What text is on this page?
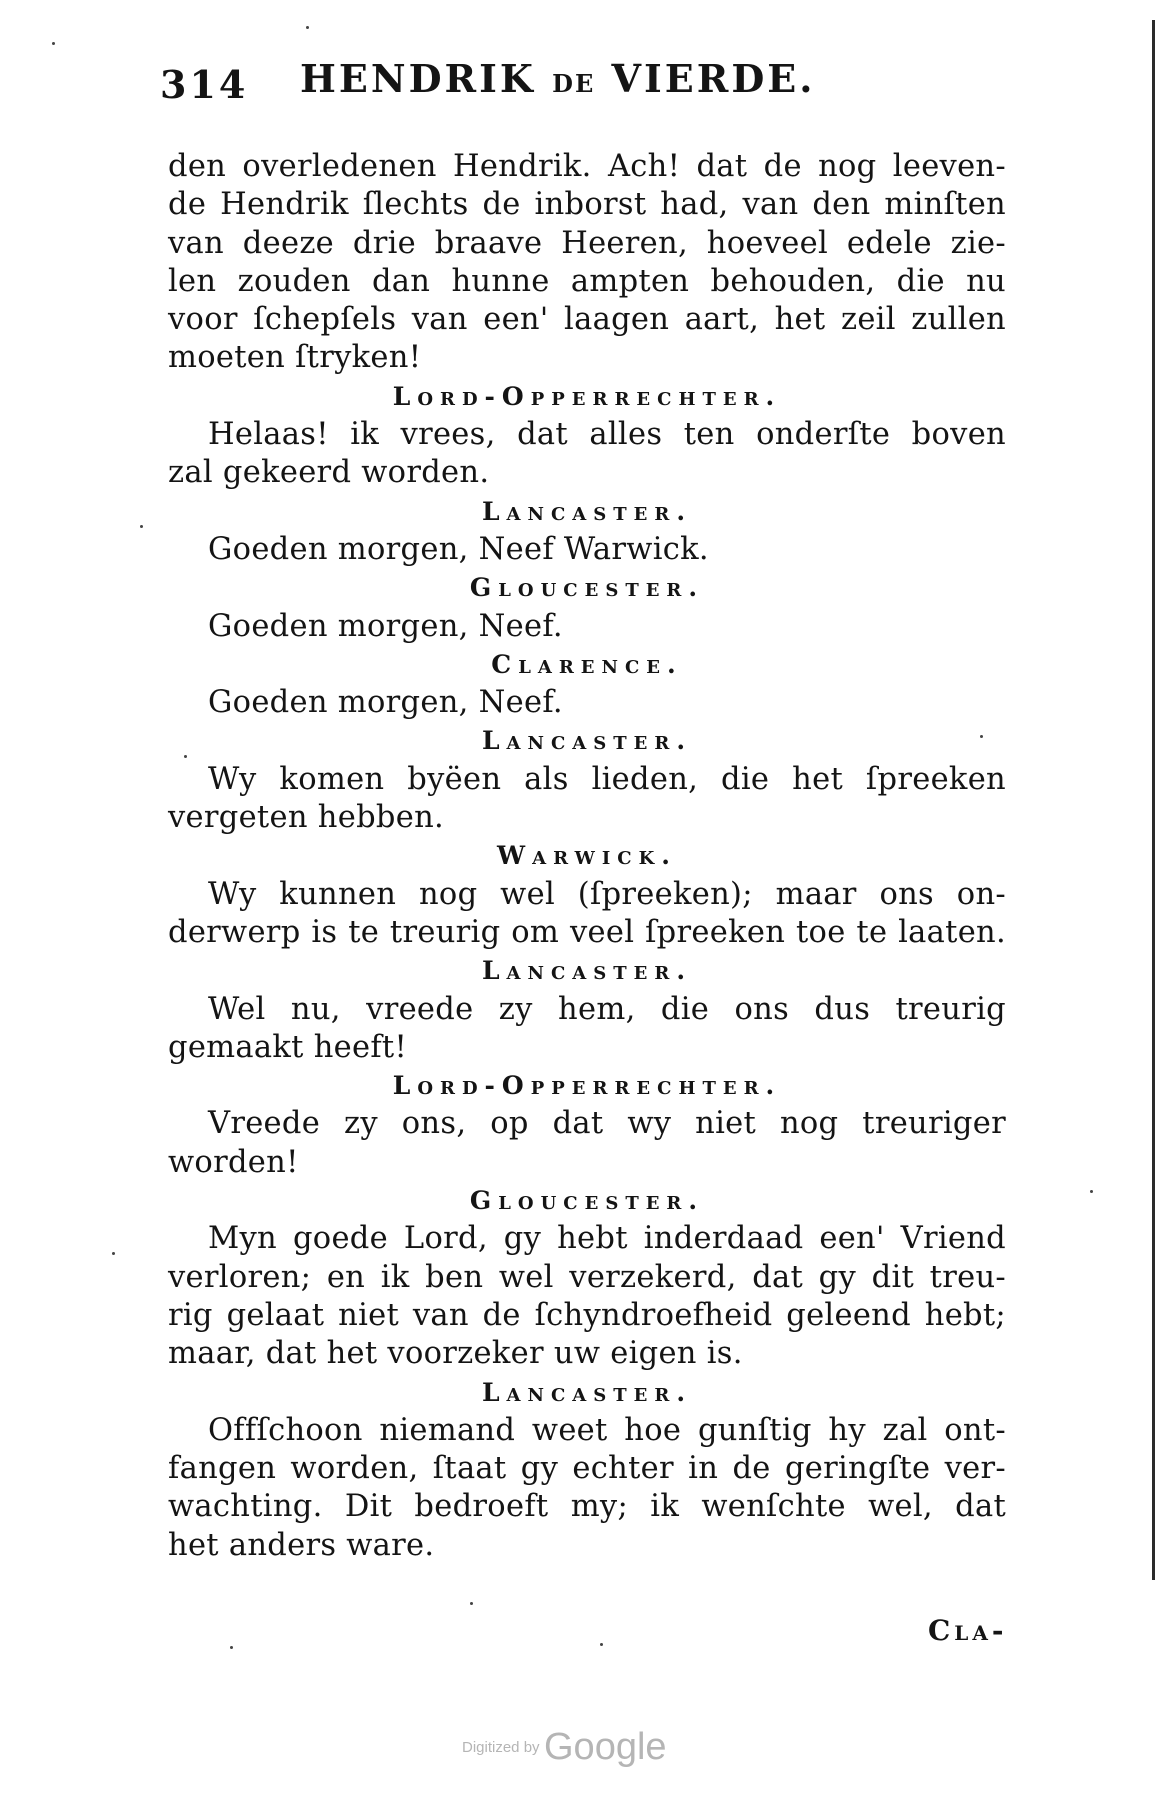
314 HENDRIK DE VIERDE.

den overledenen Hendrik. Ach! dat de nog leeven-

de Hendrik ſlechts de inborst had, van den minſten

van deeze drie braave Heeren, hoeveel edele zie-

len zouden dan hunne ampten behouden, die nu

voor ſchepſels van een' laagen aart, het zeil zullen

moeten ſtryken!

Lord-Opperrechter.

Helaas! ik vrees, dat alles ten onderſte boven

zal gekeerd worden.

Lancaster.

Goeden morgen, Neef Warwick.

Gloucester.

Goeden morgen, Neef.

Clarence.

Goeden morgen, Neef.

Lancaster.

Wy komen byëen als lieden, die het ſpreeken

vergeten hebben.

Warwick.

Wy kunnen nog wel (ſpreeken); maar ons on-

derwerp is te treurig om veel ſpreeken toe te laaten.

Lancaster.

Wel nu, vreede zy hem, die ons dus treurig

gemaakt heeft!

Lord-Opperrechter.

Vreede zy ons, op dat wy niet nog treuriger

worden!

Gloucester.

Myn goede Lord, gy hebt inderdaad een' Vriend

verloren; en ik ben wel verzekerd, dat gy dit treu-

rig gelaat niet van de ſchyndroefheid geleend hebt;

maar, dat het voorzeker uw eigen is.

Lancaster.

Offſchoon niemand weet hoe gunſtig hy zal ont-

fangen worden, ſtaat gy echter in de geringſte ver-

wachting. Dit bedroeft my; ik wenſchte wel, dat

het anders ware.

Cla-
Digitized by Google
